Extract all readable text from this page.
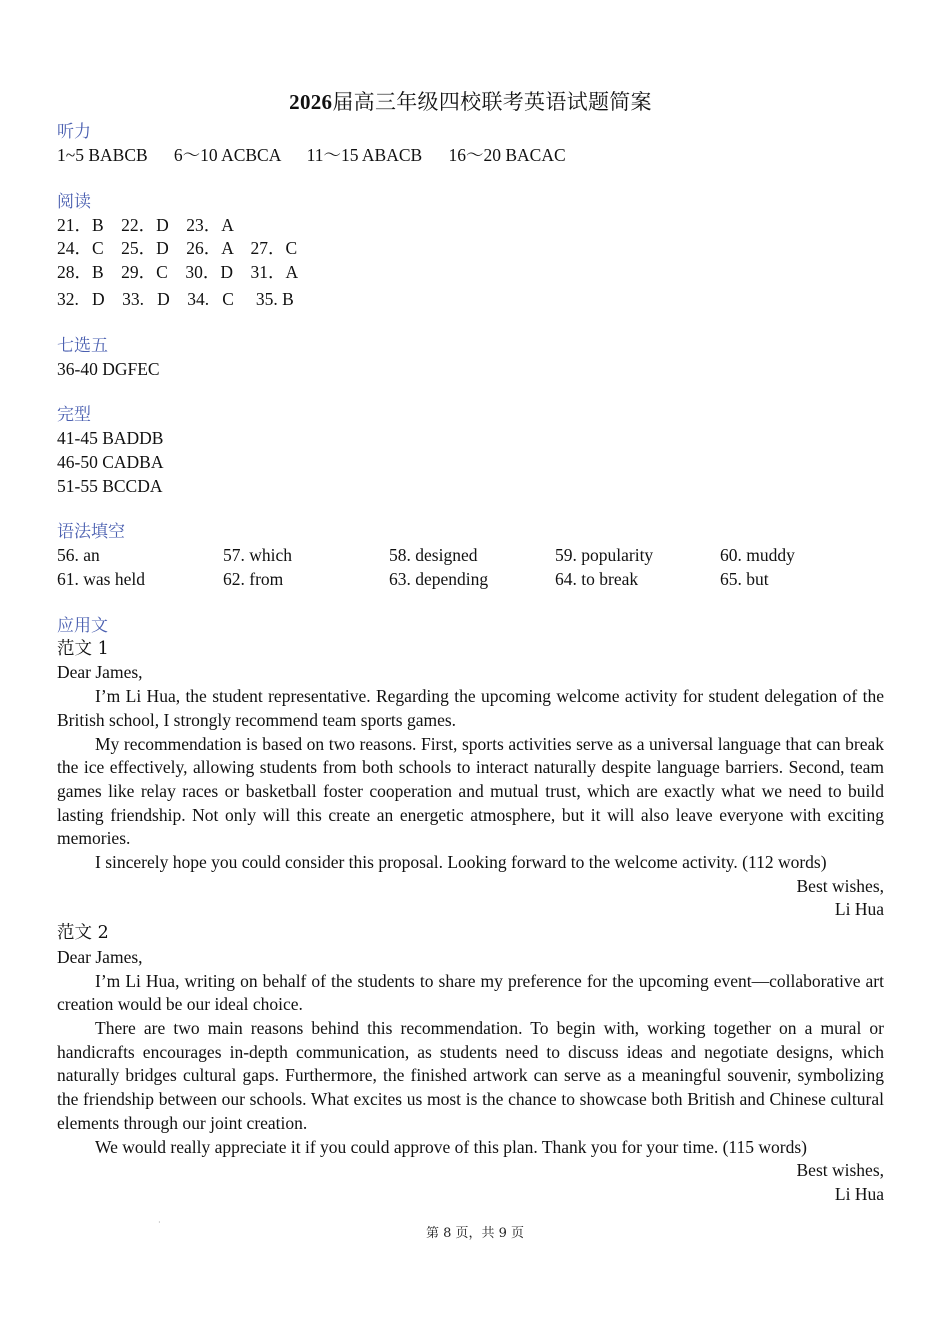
2026届高三年级四校联考英语试题简案
听力
1~5 BABCB      6～10 ACBCA      11～15 ABACB      16～20 BACAC
阅读
21．B    22．D    23．A
24．C    25．D    26．A    27．C
28．B    29．C    30．D    31．A
32.   D    33.   D    34.   C     35. B
七选五
36-40 DGFEC
完型
41-45 BADDB
46-50 CADBA
51-55 BCCDA
语法填空
56. an	57. which	58. designed	59. popularity	60. muddy
61. was held	62. from	63. depending	64. to break	65. but
应用文
范文 1
Dear James,

I’m Li Hua, the student representative. Regarding the upcoming welcome activity for student delegation of the British school, I strongly recommend team sports games.

My recommendation is based on two reasons. First, sports activities serve as a universal language that can break the ice effectively, allowing students from both schools to interact naturally despite language barriers. Second, team games like relay races or basketball foster cooperation and mutual trust, which are exactly what we need to build lasting friendship. Not only will this create an energetic atmosphere, but it will also leave everyone with exciting memories.

I sincerely hope you could consider this proposal. Looking forward to the welcome activity. (112 words)

Best wishes,
Li Hua
范文 2
Dear James,

I’m Li Hua, writing on behalf of the students to share my preference for the upcoming event—collaborative art creation would be our ideal choice.

There are two main reasons behind this recommendation. To begin with, working together on a mural or handicrafts encourages in-depth communication, as students need to discuss ideas and negotiate designs, which naturally bridges cultural gaps. Furthermore, the finished artwork can serve as a meaningful souvenir, symbolizing the friendship between our schools. What excites us most is the chance to showcase both British and Chinese cultural elements through our joint creation.

We would really appreciate it if you could approve of this plan. Thank you for your time. (115 words)

Best wishes,
Li Hua
·
第 8 页，共 9 页
